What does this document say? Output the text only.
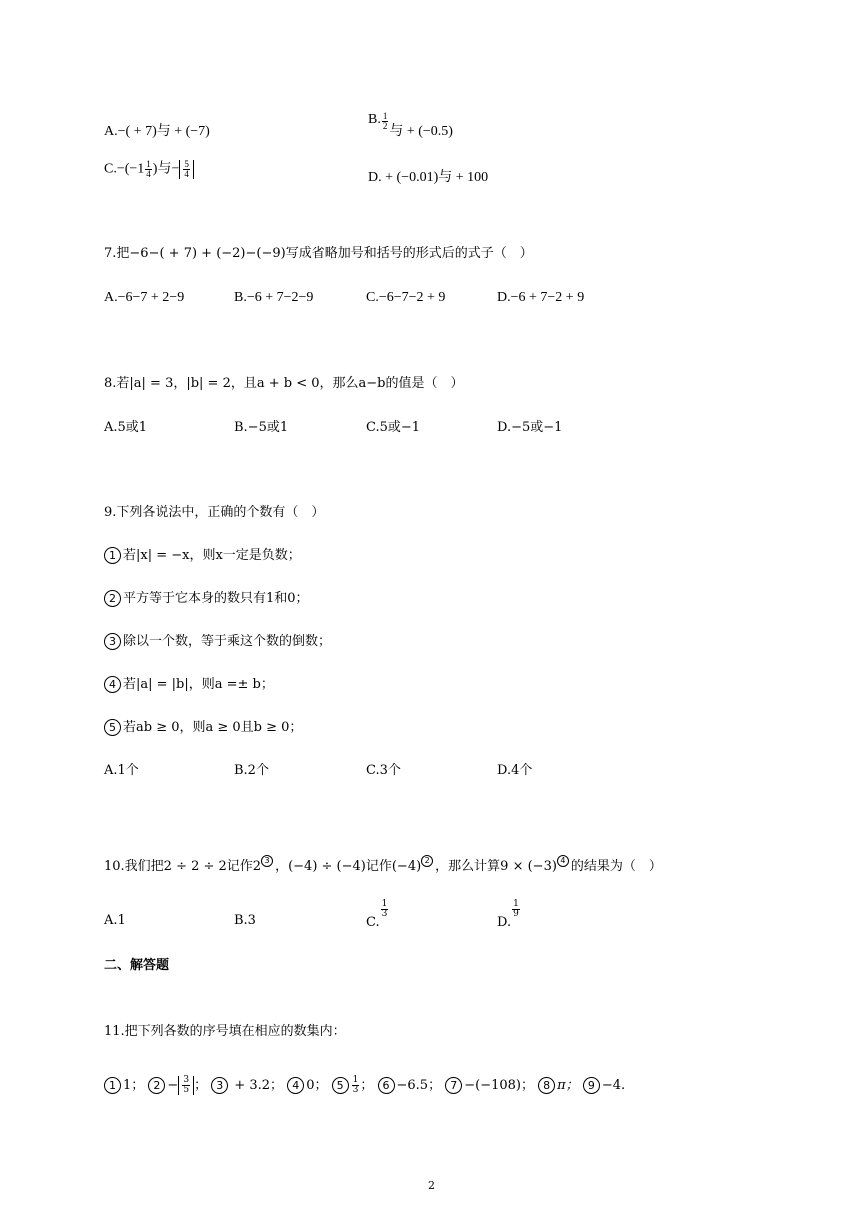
A.−( + 7)与 + (−7)
B. $\frac{1}{2}$
与 + (−0.5)
$C.-(-1 \frac{1}{4}$ )与− $\frac{5}{4}$	D. + (−0.01)与 + 100
7.把−6−( + 7) + (−2)−(−9)写成省略加号和括号的形式后的式子（　）
A.−6−7 + 2−9	B.−6 + 7−2−9	C.−6−7−2 + 9	D.−6 + 7−2 + 9
8.若|a| = 3，|b| = 2，且a + b < 0，那么a−b的值是（　）
A.5或1	B.−5或1	C.5或−1	D.−5或−1
9.下列各说法中，正确的个数有（　）
1 若|x| = −x，则x一定是负数；
2 平方等于它本身的数只有1和0；
3 除以一个数，等于乘这个数的倒数；
4 若|a| = |b|，则a =± b；
5 若ab ≥ 0，则a ≥ 0且b ≥ 0；
A.1个	B.2个	C.3个	D.4个
10.我们把2 ÷ 2 ÷ 2记作2 $^3$ ，(−4) ÷ (−4)记作(−4) $^2$ ，那么计算9 × (−3) $^4$ 的结果为（　）
A.1	B.3	C.
$\frac{1}{3}$
D.
$\frac{1}{9}$
二、解答题
11.把下列各数的序号填在相应的数集内：
1 1； $2 - \frac{3}{5}$ ； 3 + 3.2； 4 0； $5 \frac{1}{3}$ ； 6 −6.5； 7 −(−108)； 8 π； 9 −4.
2
